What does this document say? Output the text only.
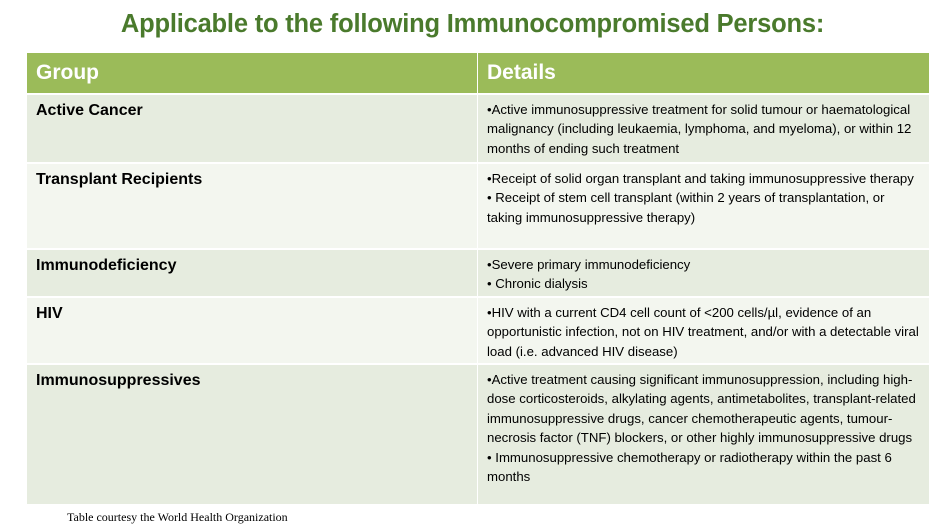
Applicable to the following Immunocompromised Persons:
Group	Details
Active Cancer	•Active immunosuppressive treatment for solid tumour or haematological malignancy (including leukaemia, lymphoma, and myeloma), or within 12 months of ending such treatment
Transplant Recipients	•Receipt of solid organ transplant and taking immunosuppressive therapy
• Receipt of stem cell transplant (within 2 years of transplantation, or taking immunosuppressive therapy)
Immunodeficiency	•Severe primary immunodeficiency
• Chronic dialysis
HIV	•HIV with a current CD4 cell count of <200 cells/µl, evidence of an opportunistic infection, not on HIV treatment, and/or with a detectable viral load (i.e. advanced HIV disease)
Immunosuppressives	•Active treatment causing significant immunosuppression, including high-dose corticosteroids, alkylating agents, antimetabolites, transplant-related immunosuppressive drugs, cancer chemotherapeutic agents, tumour-necrosis factor (TNF) blockers, or other highly immunosuppressive drugs
• Immunosuppressive chemotherapy or radiotherapy within the past 6 months
Table courtesy the World Health Organization
